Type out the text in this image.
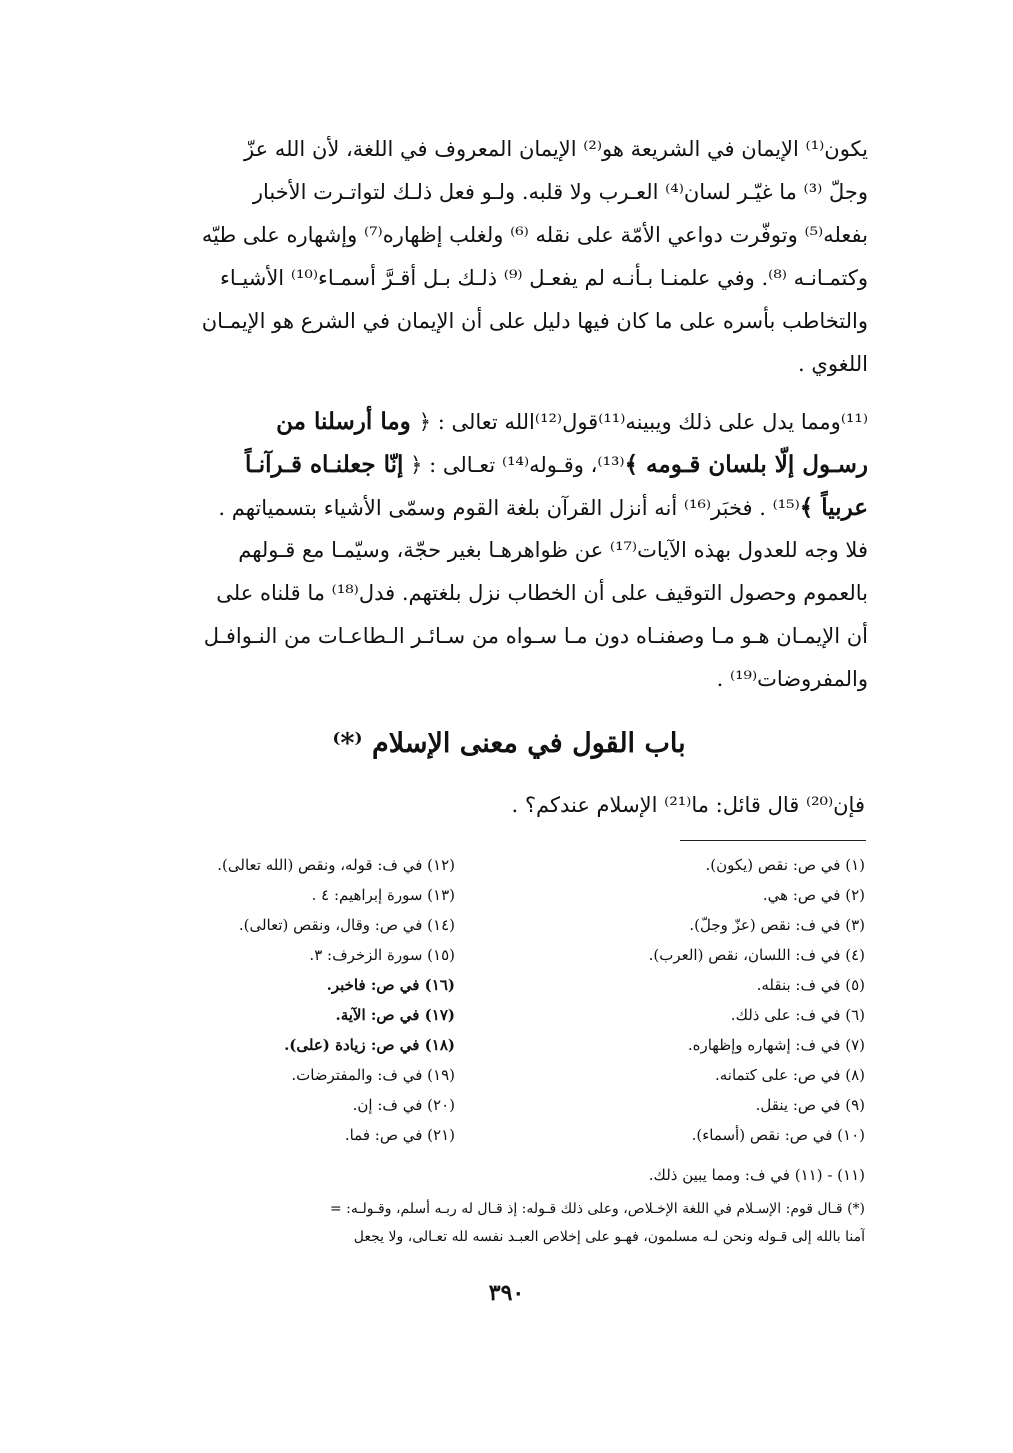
يكون⁽¹⁾ الإيمان في الشريعة هو⁽²⁾ الإيمان المعروف في اللغة، لأن الله عزّ
وجلّ ⁽³⁾ ما غيّـر لسان⁽⁴⁾ العـرب ولا قلبه. ولـو فعل ذلـك لتواتـرت الأخبار
بفعله⁽⁵⁾ وتوفّرت دواعي الأمّة على نقله ⁽⁶⁾ ولغلب إظهاره⁽⁷⁾ وإشهاره على طيّه
وكتمـانـه ⁽⁸⁾. وفي علمنـا بـأنـه لم يفعـل ⁽⁹⁾ ذلـك بـل أقـرَّ أسمـاء⁽¹⁰⁾ الأشيـاء
والتخاطب بأسره على ما كان فيها دليل على أن الإيمان في الشرع هو الإيمـان
اللغوي .
⁽¹¹⁾ومما يدل على ذلك ويبينه⁽¹¹⁾قول⁽¹²⁾الله تعالى : ﴿ وما أرسلنا من
رسـول إلّا بلسان قـومه ﴾⁽¹³⁾، وقـوله⁽¹⁴⁾ تعـالى : ﴿ إنّا جعلنـاه قـرآنـاً
عربياً ﴾⁽¹⁵⁾ . فخبَر⁽¹⁶⁾ أنه أنزل القرآن بلغة القوم وسمّى الأشياء بتسمياتهم .
فلا وجه للعدول بهذه الآيات⁽¹⁷⁾ عن ظواهرهـا بغير حجّة، وسيّمـا مع قـولهم
بالعموم وحصول التوقيف على أن الخطاب نزل بلغتهم. فدل⁽¹⁸⁾ ما قلناه على
أن الإيمـان هـو مـا وصفنـاه دون مـا سـواه من سـائـر الـطاعـات من النـوافـل
والمفروضات⁽¹⁹⁾ .
باب القول في معنى الإسلام ⁽*⁾
فإن⁽²⁰⁾ قال قائل: ما⁽²¹⁾ الإسلام عندكم؟ .
(١) في ص: نقص (يكون).
(٢) في ص: هي.
(٣) في ف: نقص (عزّ وجلّ).
(٤) في ف: اللسان، نقص (العرب).
(٥) في ف: بنقله.
(٦) في ف: على ذلك.
(٧) في ف: إشهاره وإظهاره.
(٨) في ص: على كتمانه.
(٩) في ص: ينقل.
(١٠) في ص: نقص (أسماء).
(١٢) في ف: قوله، ونقص (الله تعالى).
(١٣) سورة إبراهيم: ٤ .
(١٤) في ص: وقال، ونقص (تعالى).
(١٥) سورة الزخرف: ٣.
(١٦) في ص: فاخبر.
(١٧) في ص: الآية.
(١٨) في ص: زيادة (على).
(١٩) في ف: والمفترضات.
(٢٠) في ف: إن.
(٢١) في ص: فما.
(١١) - (١١) في ف: ومما يبين ذلك.
(*) قـال قوم: الإسـلام في اللغة الإخـلاص، وعلى ذلك قـوله: إذ قـال له ربـه أسلم، وقـولـه: =
آمنا بالله إلى قـوله ونحن لـه مسلمون، فهـو على إخلاص العبـد نفسه لله تعـالى، ولا يجعل
٣٩٠
